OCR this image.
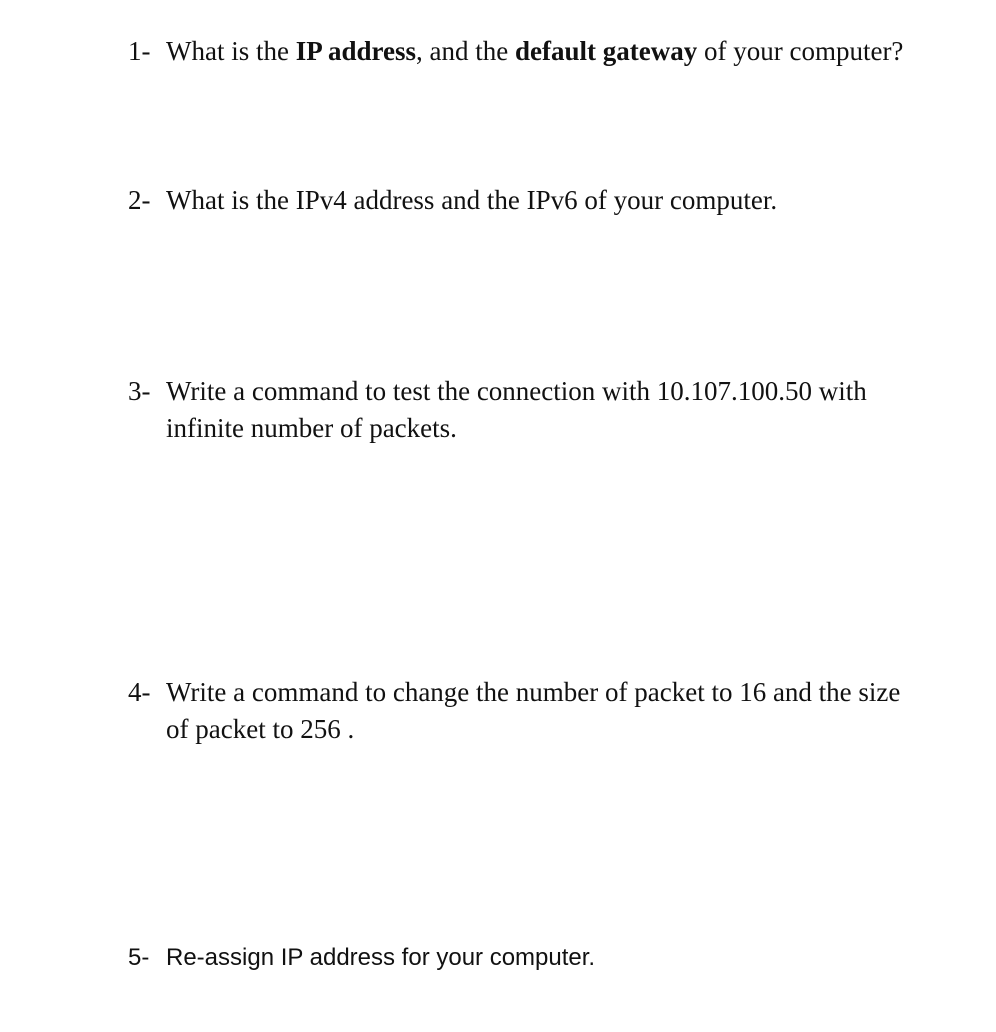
1- What is the IP address, and the default gateway of your computer?
2- What is the IPv4 address and the IPv6 of your computer.
3- Write a command to test the connection with 10.107.100.50 with infinite number of packets.
4- Write a command to change the number of packet to 16 and the size of packet to 256 .
5- Re-assign IP address for your computer.
